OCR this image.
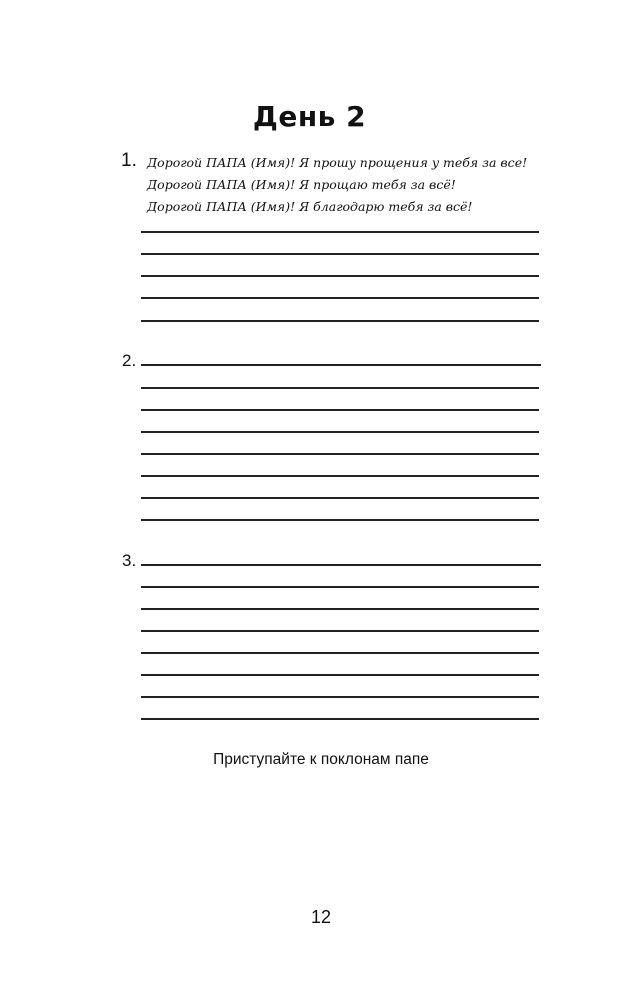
День 2
1. Дорогой ПАПА (Имя)! Я прошу прощения у тебя за все!
Дорогой ПАПА (Имя)! Я прощаю тебя за всё!
Дорогой ПАПА (Имя)! Я благодарю тебя за всё!
2.
3.
Приступайте к поклонам папе
12
